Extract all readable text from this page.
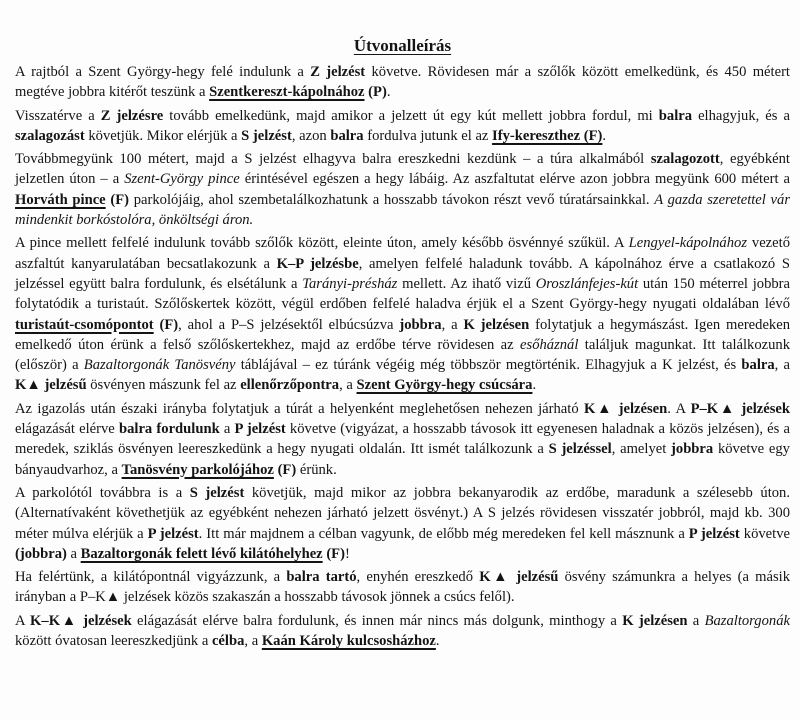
Útvonalleírás

A rajtból a Szent György-hegy felé indulunk a Z jelzést követve. Rövidesen már a szőlők között emelkedünk, és 450 métert megtéve jobbra kitérőt teszünk a Szentkereszt-kápolnához (P).

Visszatérve a Z jelzésre tovább emelkedünk, majd amikor a jelzett út egy kút mellett jobbra fordul, mi balra elhagyjuk, és a szalagozást követjük. Mikor elérjük a S jelzést, azon balra fordulva jutunk el az Ify-kereszthez (F).

Továbbmegyünk 100 métert, majd a S jelzést elhagyva balra ereszkedni kezdünk – a túra alkalmából szalagozott, egyébként jelzetlen úton – a Szent-György pince érintésével egészen a hegy lábáig. Az aszfaltutat elérve azon jobbra megyünk 600 métert a Horváth pince (F) parkolójáig, ahol szembetalálkozhatunk a hosszabb távokon részt vevő túratársainkkal. A gazda szeretettel vár mindenkit borkóstolóra, önköltségi áron.

A pince mellett felfelé indulunk tovább szőlők között, eleinte úton, amely később ösvénnyé szűkül. A Lengyel-kápolnához vezető aszfaltút kanyarulatában becsatlakozunk a K–P jelzésbe, amelyen felfelé haladunk tovább. A kápolnához érve a csatlakozó S jelzéssel együtt balra fordulunk, és elsétálunk a Tarányi-présház mellett. Az ihatő vizű Oroszlánfejes-kút után 150 méterrel jobbra folytatódik a turistaút. Szőlőskertek között, végül erdőben felfelé haladva érjük el a Szent György-hegy nyugati oldalában lévő turistaút-csomópontot (F), ahol a P–S jelzésektől elbúcsúzva jobbra, a K jelzésen folytatjuk a hegymászást. Igen meredeken emelkedő úton érünk a felső szőlőskertekhez, majd az erdőbe térve rövidesen az esőháznál találjuk magunkat. Itt találkozunk (először) a Bazaltorgonák Tanösvény táblájával – ez túránk végéig még többször megtörténik. Elhagyjuk a K jelzést, és balra, a K▲ jelzésű ösvényen mászunk fel az ellenőrzőpontra, a Szent György-hegy csúcsára.

Az igazolás után északi irányba folytatjuk a túrát a helyenként meglehetősen nehezen járható K▲ jelzésen. A P–K▲ jelzések elágazását elérve balra fordulunk a P jelzést követve (vigyázat, a hosszabb távosok itt egyenesen haladnak a közös jelzésen), és a meredek, sziklás ösvényen leereszkedünk a hegy nyugati oldalán. Itt ismét találkozunk a S jelzéssel, amelyet jobbra követve egy bányaudvarhoz, a Tanösvény parkolójához (F) érünk.

A parkolótól továbbra is a S jelzést követjük, majd mikor az jobbra bekanyarodik az erdőbe, maradunk a szélesebb úton. (Alternatívaként követhetjük az egyébként nehezen járható jelzett ösvényt.) A S jelzés rövidesen visszatér jobbról, majd kb. 300 méter múlva elérjük a P jelzést. Itt már majdnem a célban vagyunk, de előbb még meredeken fel kell másznunk a P jelzést követve (jobbra) a Bazaltorgonák felett lévő kilátóhelyhez (F)!

Ha felértünk, a kilátópontnál vigyázzunk, a balra tartó, enyhén ereszkedő K▲ jelzésű ösvény számunkra a helyes (a másik irányban a P–K▲ jelzések közös szakaszán a hosszabb távosok jönnek a csúcs felől).

A K–K▲ jelzések elágazását elérve balra fordulunk, és innen már nincs más dolgunk, minthogy a K jelzésen a Bazaltorgonák között óvatosan leereszkedjünk a célba, a Kaán Károly kulcsosházhoz.
